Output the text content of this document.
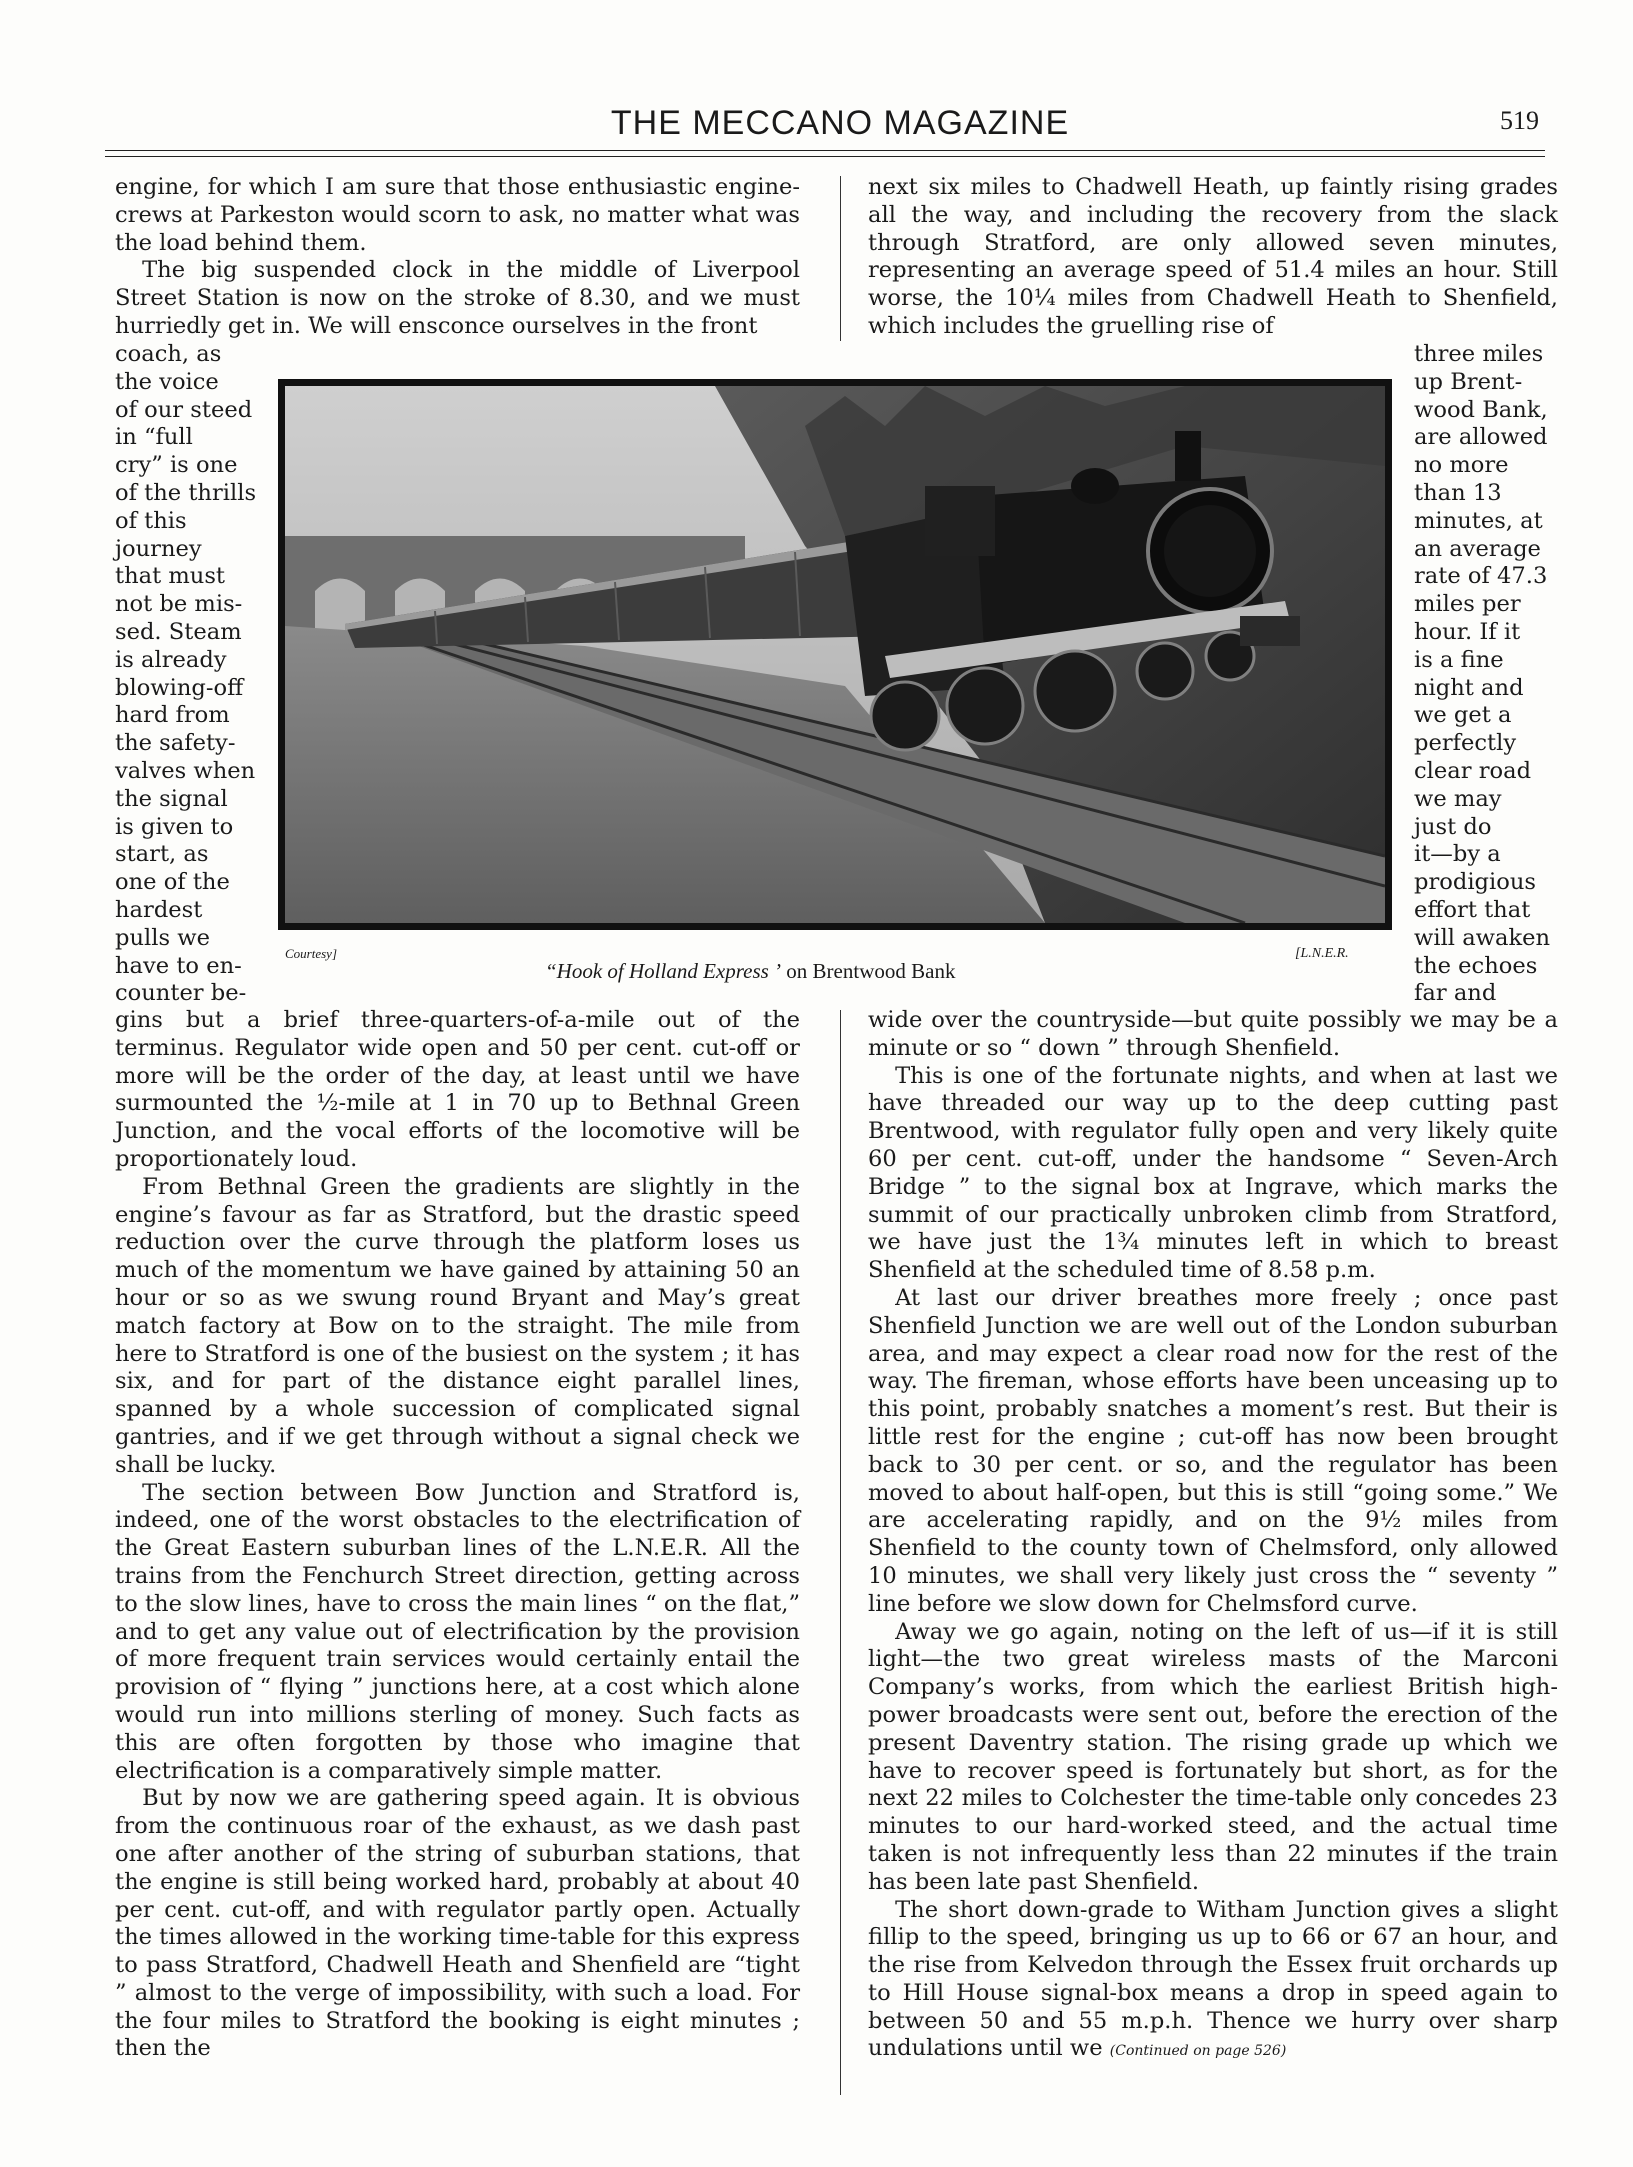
THE MECCANO MAGAZINE	519

engine, for which I am sure that those enthusiastic engine-crews at Parkeston would scorn to ask, no matter what was the load behind them.

The big suspended clock in the middle of Liverpool Street Station is now on the stroke of 8.30, and we must hurriedly get in. We will ensconce ourselves in the front

next six miles to Chadwell Heath, up faintly rising grades all the way, and including the recovery from the slack through Stratford, are only allowed seven minutes, representing an average speed of 51.4 miles an hour. Still worse, the 10¼ miles from Chadwell Heath to Shenfield, which includes the gruelling rise of

coach, as
the voice
of our steed
in “full
cry” is one
of the thrills
of this
journey
that must
not be mis-
sed. Steam
is already
blowing-off
hard from
the safety-
valves when
the signal
is given to
start, as
one of the
hardest
pulls we
have to en-
counter be-
three miles
up Brent-
wood Bank,
are allowed
no more
than 13
minutes, at
an average
rate of 47.3
miles per
hour. If it
is a fine
night and
we get a
perfectly
clear road
we may
just do
it—by a
prodigious
effort that
will awaken
the echoes
far and
Courtesy]	[L.N.E.R.
“Hook of Holland Express ’ on Brentwood Bank

gins but a brief three-quarters-of-a-mile out of the terminus. Regulator wide open and 50 per cent. cut-off or more will be the order of the day, at least until we have surmounted the ½-mile at 1 in 70 up to Bethnal Green Junction, and the vocal efforts of the locomotive will be proportionately loud.

From Bethnal Green the gradients are slightly in the engine’s favour as far as Stratford, but the drastic speed reduction over the curve through the platform loses us much of the momentum we have gained by attaining 50 an hour or so as we swung round Bryant and May’s great match factory at Bow on to the straight. The mile from here to Stratford is one of the busiest on the system ; it has six, and for part of the distance eight parallel lines, spanned by a whole succession of complicated signal gantries, and if we get through without a signal check we shall be lucky.

The section between Bow Junction and Stratford is, indeed, one of the worst obstacles to the electrification of the Great Eastern suburban lines of the L.N.E.R. All the trains from the Fenchurch Street direction, getting across to the slow lines, have to cross the main lines “ on the flat,” and to get any value out of electrification by the provision of more frequent train services would certainly entail the provision of “ flying ” junctions here, at a cost which alone would run into millions sterling of money. Such facts as this are often forgotten by those who imagine that electrification is a comparatively simple matter.

But by now we are gathering speed again. It is obvious from the continuous roar of the exhaust, as we dash past one after another of the string of suburban stations, that the engine is still being worked hard, probably at about 40 per cent. cut-off, and with regulator partly open. Actually the times allowed in the working time-table for this express to pass Stratford, Chadwell Heath and Shenfield are “tight ” almost to the verge of impossibility, with such a load. For the four miles to Stratford the booking is eight minutes ; then the

wide over the countryside—but quite possibly we may be a minute or so “ down ” through Shenfield.

This is one of the fortunate nights, and when at last we have threaded our way up to the deep cutting past Brentwood, with regulator fully open and very likely quite 60 per cent. cut-off, under the handsome “ Seven-Arch Bridge ” to the signal box at Ingrave, which marks the summit of our practically unbroken climb from Stratford, we have just the 1¾ minutes left in which to breast Shenfield at the scheduled time of 8.58 p.m.

At last our driver breathes more freely ; once past Shenfield Junction we are well out of the London suburban area, and may expect a clear road now for the rest of the way. The fireman, whose efforts have been unceasing up to this point, probably snatches a moment’s rest. But their is little rest for the engine ; cut-off has now been brought back to 30 per cent. or so, and the regulator has been moved to about half-open, but this is still “going some.” We are accelerating rapidly, and on the 9½ miles from Shenfield to the county town of Chelmsford, only allowed 10 minutes, we shall very likely just cross the “ seventy ” line before we slow down for Chelmsford curve.

Away we go again, noting on the left of us—if it is still light—the two great wireless masts of the Marconi Company’s works, from which the earliest British high-power broadcasts were sent out, before the erection of the present Daventry station. The rising grade up which we have to recover speed is fortunately but short, as for the next 22 miles to Colchester the time-table only concedes 23 minutes to our hard-worked steed, and the actual time taken is not infrequently less than 22 minutes if the train has been late past Shenfield.

The short down-grade to Witham Junction gives a slight fillip to the speed, bringing us up to 66 or 67 an hour, and the rise from Kelvedon through the Essex fruit orchards up to Hill House signal-box means a drop in speed again to between 50 and 55 m.p.h. Thence we hurry over sharp undulations until we (Continued on page 526)
